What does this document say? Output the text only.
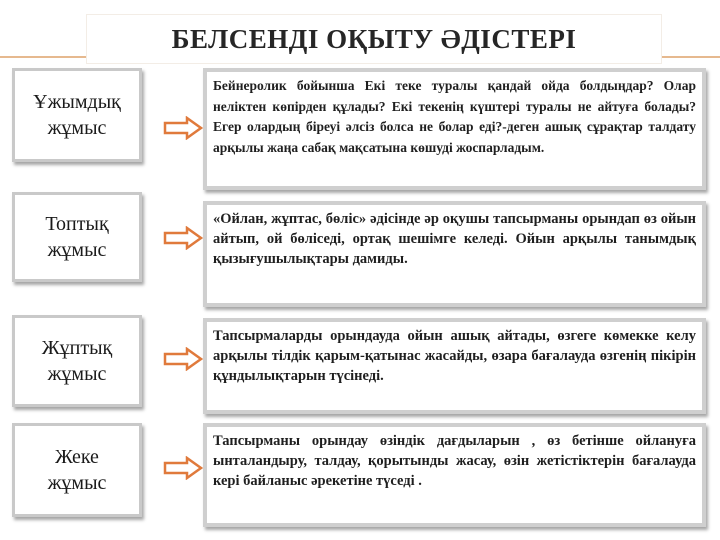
БЕЛСЕНДІ ОҚЫТУ ӘДІСТЕРІ
Ұжымдық
жұмыс
Бейнеролик бойынша Екі теке туралы қандай ойда болдыңдар? Олар неліктен көпірден құлады? Екі текенің күштері туралы не айтуға болады? Егер олардың біреуі әлсіз болса не болар еді?-деген ашық сұрақтар талдату арқылы жаңа сабақ мақсатына көшуді жоспарладым.
Топтық
жұмыс
«Ойлан, жұптас, бөліс» әдісінде әр оқушы тапсырманы орындап өз ойын айтып, ой бөліседі, ортақ шешімге келеді. Ойын арқылы танымдық қызығушылықтары дамиды.
Жұптық
жұмыс
Тапсырмаларды орындауда ойын ашық айтады, өзгеге көмекке келу арқылы тілдік қарым-қатынас жасайды, өзара бағалауда өзгенің пікірін құндылықтарын түсінеді.
Жеке
жұмыс
Тапсырманы орындау өзіндік дағдыларын , өз бетінше ойлануға ынталандыру, талдау, қорытынды жасау, өзін жетістіктерін бағалауда кері байланыс әрекетіне түседі .
